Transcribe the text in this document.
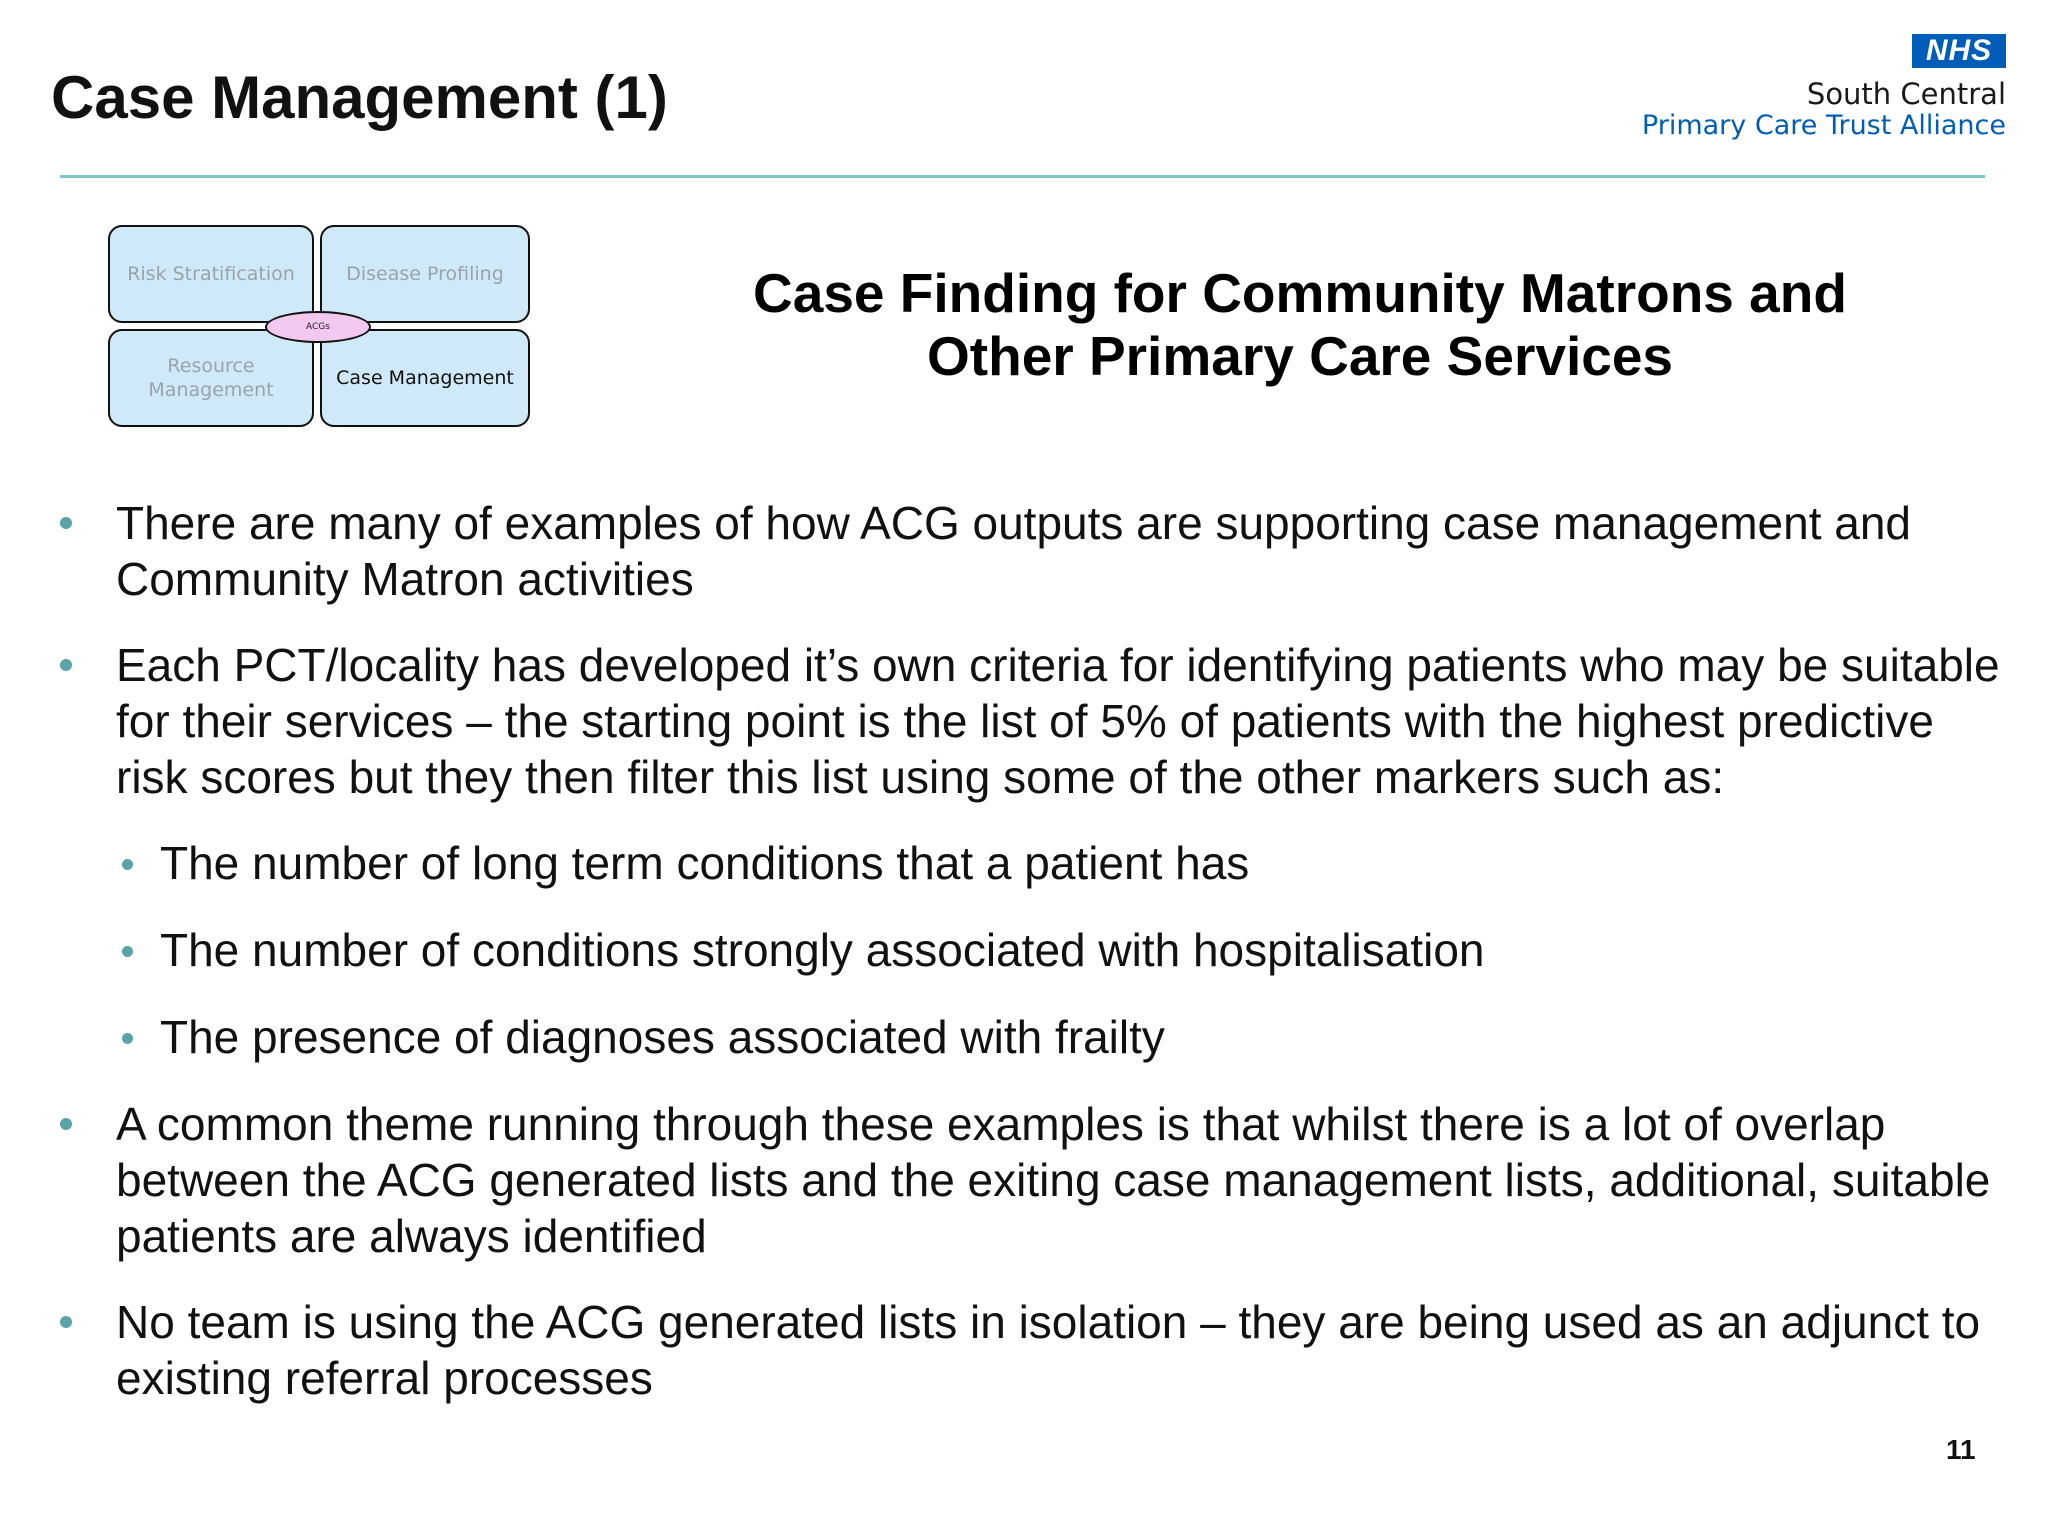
Case Management (1)
NHS
South Central
Primary Care Trust Alliance
Risk Stratification	Disease Profiling
Resource Management
Case Management
ACGs
Case Finding for Community Matrons and Other Primary Care Services
There are many of examples of how ACG outputs are supporting case management and Community Matron activities
Each PCT/locality has developed it’s own criteria for identifying patients who may be suitable for their services – the starting point is the list of 5% of patients with the highest predictive risk scores but they then filter this list using some of the other markers such as:
The number of long term conditions that a patient has
The number of conditions strongly associated with hospitalisation
The presence of diagnoses associated with frailty
A common theme running through these examples is that whilst there is a lot of overlap between the ACG generated lists and the exiting case management lists, additional, suitable patients are always identified
No team is using the ACG generated lists in isolation – they are being used as an adjunct to existing referral processes
11
